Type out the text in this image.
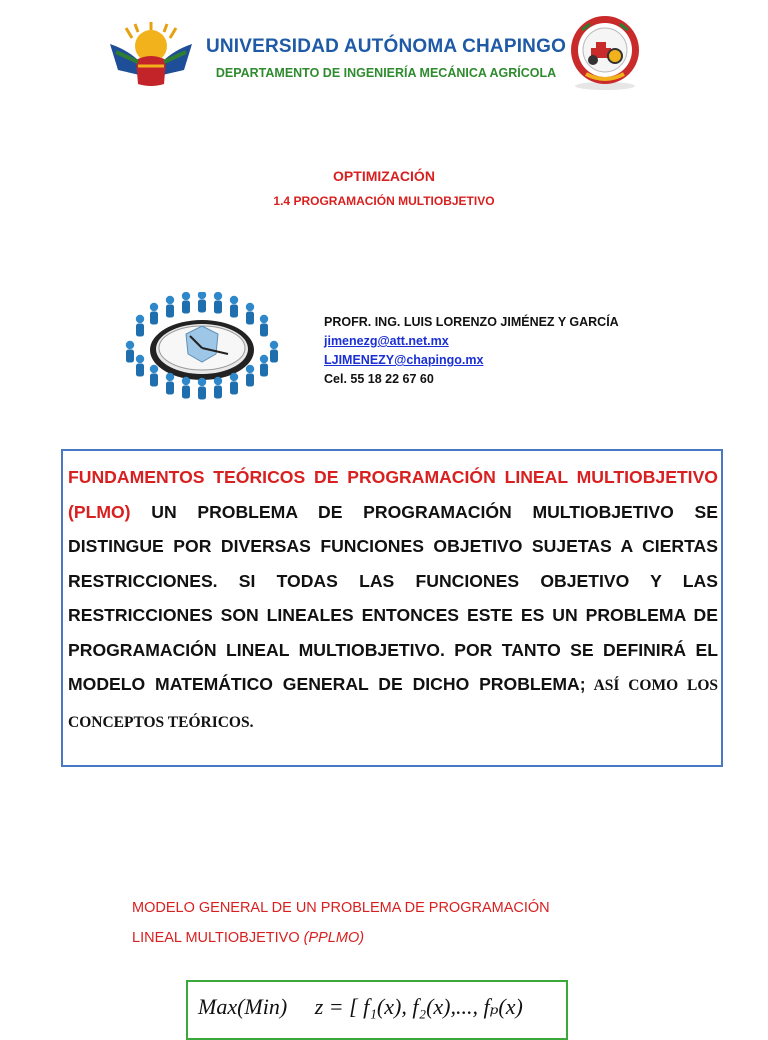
UNIVERSIDAD AUTÓNOMA CHAPINGO
DEPARTAMENTO DE INGENIERÍA MECÁNICA AGRÍCOLA
OPTIMIZACIÓN
1.4 PROGRAMACIÓN MULTIOBJETIVO
PROFR. ING. LUIS LORENZO JIMÉNEZ Y GARCÍA
jimenezg@att.net.mx
LJIMENEZY@chapingo.mx
Cel. 55 18 22 67 60
FUNDAMENTOS TEÓRICOS DE PROGRAMACIÓN LINEAL MULTIOBJETIVO (PLMO) UN PROBLEMA DE PROGRAMACIÓN MULTIOBJETIVO SE DISTINGUE POR DIVERSAS FUNCIONES OBJETIVO SUJETAS A CIERTAS RESTRICCIONES. SI TODAS LAS FUNCIONES OBJETIVO Y LAS RESTRICCIONES SON LINEALES ENTONCES ESTE ES UN PROBLEMA DE PROGRAMACIÓN LINEAL MULTIOBJETIVO. POR TANTO SE DEFINIRÁ EL MODELO MATEMÁTICO GENERAL DE DICHO PROBLEMA; ASÍ COMO LOS CONCEPTOS TEÓRICOS.
MODELO GENERAL DE UN PROBLEMA DE PROGRAMACIÓN
LINEAL MULTIOBJETIVO (PPLMO)
Max(Min) z = [ f₁(x), f₂(x),..., fₚ(x)
